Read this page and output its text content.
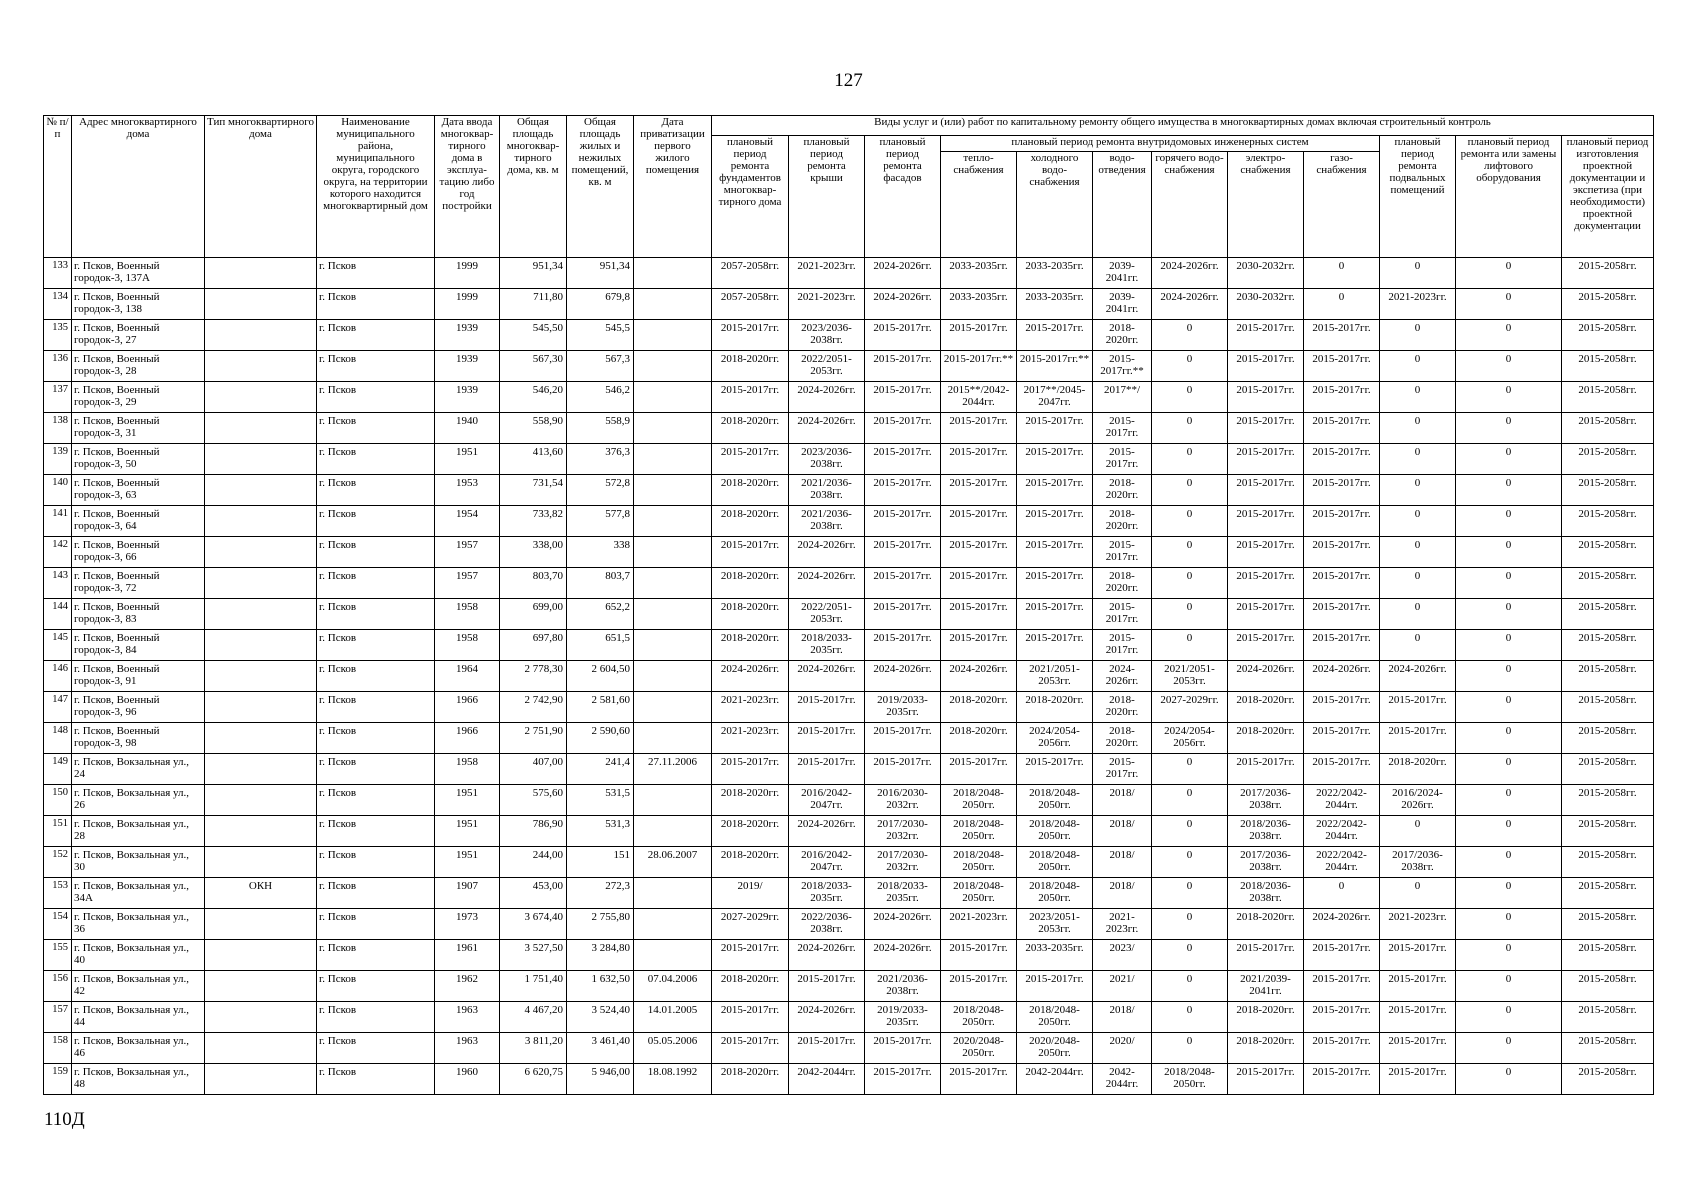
127
№ п/п	Адрес многоквартирного дома	Тип многоквартирного дома	Наименование муниципального района, муниципального округа, городского округа, на территории которого находится многоквартирный дом	Дата ввода многоквар-тирного дома в эксплуа-тацию либо год постройки	Общая площадь многоквар-тирного дома, кв. м	Общая площадь жилых и нежилых помещений, кв. м	Дата приватизации первого жилого помещения	Виды услуг и (или) работ по капитальному ремонту общего имущества в многоквартирных домах включая строительный контроль											
								плановый период ремонта фундаментов многоквар-тирного дома	плановый период ремонта крыши	плановый период ремонта фасадов	плановый период ремонта внутридомовых инженерных систем						плановый период ремонта подвальных помещений	плановый период ремонта или замены лифтового оборудования	плановый период изготовления проектной документации и экспетиза (при необходимости) проектной документации
											тепло-снабжения	холодного водо-снабжения	водо-отведения	горячего водо-снабжения	электро-снабжения	газо-снабжения			
133	г. Псков, Военный городок-3, 137А		г. Псков	1999	951,34	951,34		2057-2058гг.	2021-2023гг.	2024-2026гг.	2033-2035гг.	2033-2035гг.	2039-2041гг.	2024-2026гг.	2030-2032гг.	0	0	0	2015-2058гг.
134	г. Псков, Военный городок-3, 138		г. Псков	1999	711,80	679,8		2057-2058гг.	2021-2023гг.	2024-2026гг.	2033-2035гг.	2033-2035гг.	2039-2041гг.	2024-2026гг.	2030-2032гг.	0	2021-2023гг.	0	2015-2058гг.
135	г. Псков, Военный городок-3, 27		г. Псков	1939	545,50	545,5		2015-2017гг.	2023/2036-2038гг.	2015-2017гг.	2015-2017гг.	2015-2017гг.	2018-2020гг.	0	2015-2017гг.	2015-2017гг.	0	0	2015-2058гг.
136	г. Псков, Военный городок-3, 28		г. Псков	1939	567,30	567,3		2018-2020гг.	2022/2051-2053гг.	2015-2017гг.	2015-2017гг.**	2015-2017гг.**	2015-2017гг.**	0	2015-2017гг.	2015-2017гг.	0	0	2015-2058гг.
137	г. Псков, Военный городок-3, 29		г. Псков	1939	546,20	546,2		2015-2017гг.	2024-2026гг.	2015-2017гг.	2015**/2042-2044гг.	2017**/2045-2047гг.	2017**/	0	2015-2017гг.	2015-2017гг.	0	0	2015-2058гг.
138	г. Псков, Военный городок-3, 31		г. Псков	1940	558,90	558,9		2018-2020гг.	2024-2026гг.	2015-2017гг.	2015-2017гг.	2015-2017гг.	2015-2017гг.	0	2015-2017гг.	2015-2017гг.	0	0	2015-2058гг.
139	г. Псков, Военный городок-3, 50		г. Псков	1951	413,60	376,3		2015-2017гг.	2023/2036-2038гг.	2015-2017гг.	2015-2017гг.	2015-2017гг.	2015-2017гг.	0	2015-2017гг.	2015-2017гг.	0	0	2015-2058гг.
140	г. Псков, Военный городок-3, 63		г. Псков	1953	731,54	572,8		2018-2020гг.	2021/2036-2038гг.	2015-2017гг.	2015-2017гг.	2015-2017гг.	2018-2020гг.	0	2015-2017гг.	2015-2017гг.	0	0	2015-2058гг.
141	г. Псков, Военный городок-3, 64		г. Псков	1954	733,82	577,8		2018-2020гг.	2021/2036-2038гг.	2015-2017гг.	2015-2017гг.	2015-2017гг.	2018-2020гг.	0	2015-2017гг.	2015-2017гг.	0	0	2015-2058гг.
142	г. Псков, Военный городок-3, 66		г. Псков	1957	338,00	338		2015-2017гг.	2024-2026гг.	2015-2017гг.	2015-2017гг.	2015-2017гг.	2015-2017гг.	0	2015-2017гг.	2015-2017гг.	0	0	2015-2058гг.
143	г. Псков, Военный городок-3, 72		г. Псков	1957	803,70	803,7		2018-2020гг.	2024-2026гг.	2015-2017гг.	2015-2017гг.	2015-2017гг.	2018-2020гг.	0	2015-2017гг.	2015-2017гг.	0	0	2015-2058гг.
144	г. Псков, Военный городок-3, 83		г. Псков	1958	699,00	652,2		2018-2020гг.	2022/2051-2053гг.	2015-2017гг.	2015-2017гг.	2015-2017гг.	2015-2017гг.	0	2015-2017гг.	2015-2017гг.	0	0	2015-2058гг.
145	г. Псков, Военный городок-3, 84		г. Псков	1958	697,80	651,5		2018-2020гг.	2018/2033-2035гг.	2015-2017гг.	2015-2017гг.	2015-2017гг.	2015-2017гг.	0	2015-2017гг.	2015-2017гг.	0	0	2015-2058гг.
146	г. Псков, Военный городок-3, 91		г. Псков	1964	2 778,30	2 604,50		2024-2026гг.	2024-2026гг.	2024-2026гг.	2024-2026гг.	2021/2051-2053гг.	2024-2026гг.	2021/2051-2053гг.	2024-2026гг.	2024-2026гг.	2024-2026гг.	0	2015-2058гг.
147	г. Псков, Военный городок-3, 96		г. Псков	1966	2 742,90	2 581,60		2021-2023гг.	2015-2017гг.	2019/2033-2035гг.	2018-2020гг.	2018-2020гг.	2018-2020гг.	2027-2029гг.	2018-2020гг.	2015-2017гг.	2015-2017гг.	0	2015-2058гг.
148	г. Псков, Военный городок-3, 98		г. Псков	1966	2 751,90	2 590,60		2021-2023гг.	2015-2017гг.	2015-2017гг.	2018-2020гг.	2024/2054-2056гг.	2018-2020гг.	2024/2054-2056гг.	2018-2020гг.	2015-2017гг.	2015-2017гг.	0	2015-2058гг.
149	г. Псков, Вокзальная ул., 24		г. Псков	1958	407,00	241,4	27.11.2006	2015-2017гг.	2015-2017гг.	2015-2017гг.	2015-2017гг.	2015-2017гг.	2015-2017гг.	0	2015-2017гг.	2015-2017гг.	2018-2020гг.	0	2015-2058гг.
150	г. Псков, Вокзальная ул., 26		г. Псков	1951	575,60	531,5		2018-2020гг.	2016/2042-2047гг.	2016/2030-2032гг.	2018/2048-2050гг.	2018/2048-2050гг.	2018/	0	2017/2036-2038гг.	2022/2042-2044гг.	2016/2024-2026гг.	0	2015-2058гг.
151	г. Псков, Вокзальная ул., 28		г. Псков	1951	786,90	531,3		2018-2020гг.	2024-2026гг.	2017/2030-2032гг.	2018/2048-2050гг.	2018/2048-2050гг.	2018/	0	2018/2036-2038гг.	2022/2042-2044гг.	0	0	2015-2058гг.
152	г. Псков, Вокзальная ул., 30		г. Псков	1951	244,00	151	28.06.2007	2018-2020гг.	2016/2042-2047гг.	2017/2030-2032гг.	2018/2048-2050гг.	2018/2048-2050гг.	2018/	0	2017/2036-2038гг.	2022/2042-2044гг.	2017/2036-2038гг.	0	2015-2058гг.
153	г. Псков, Вокзальная ул., 34А	ОКН	г. Псков	1907	453,00	272,3		2019/	2018/2033-2035гг.	2018/2033-2035гг.	2018/2048-2050гг.	2018/2048-2050гг.	2018/	0	2018/2036-2038гг.	0	0	0	2015-2058гг.
154	г. Псков, Вокзальная ул., 36		г. Псков	1973	3 674,40	2 755,80		2027-2029гг.	2022/2036-2038гг.	2024-2026гг.	2021-2023гг.	2023/2051-2053гг.	2021-2023гг.	0	2018-2020гг.	2024-2026гг.	2021-2023гг.	0	2015-2058гг.
155	г. Псков, Вокзальная ул., 40		г. Псков	1961	3 527,50	3 284,80		2015-2017гг.	2024-2026гг.	2024-2026гг.	2015-2017гг.	2033-2035гг.	2023/	0	2015-2017гг.	2015-2017гг.	2015-2017гг.	0	2015-2058гг.
156	г. Псков, Вокзальная ул., 42		г. Псков	1962	1 751,40	1 632,50	07.04.2006	2018-2020гг.	2015-2017гг.	2021/2036-2038гг.	2015-2017гг.	2015-2017гг.	2021/	0	2021/2039-2041гг.	2015-2017гг.	2015-2017гг.	0	2015-2058гг.
157	г. Псков, Вокзальная ул., 44		г. Псков	1963	4 467,20	3 524,40	14.01.2005	2015-2017гг.	2024-2026гг.	2019/2033-2035гг.	2018/2048-2050гг.	2018/2048-2050гг.	2018/	0	2018-2020гг.	2015-2017гг.	2015-2017гг.	0	2015-2058гг.
158	г. Псков, Вокзальная ул., 46		г. Псков	1963	3 811,20	3 461,40	05.05.2006	2015-2017гг.	2015-2017гг.	2015-2017гг.	2020/2048-2050гг.	2020/2048-2050гг.	2020/	0	2018-2020гг.	2015-2017гг.	2015-2017гг.	0	2015-2058гг.
159	г. Псков, Вокзальная ул., 48		г. Псков	1960	6 620,75	5 946,00	18.08.1992	2018-2020гг.	2042-2044гг.	2015-2017гг.	2015-2017гг.	2042-2044гг.	2042-2044гг.	2018/2048-2050гг.	2015-2017гг.	2015-2017гг.	2015-2017гг.	0	2015-2058гг.
110Д
